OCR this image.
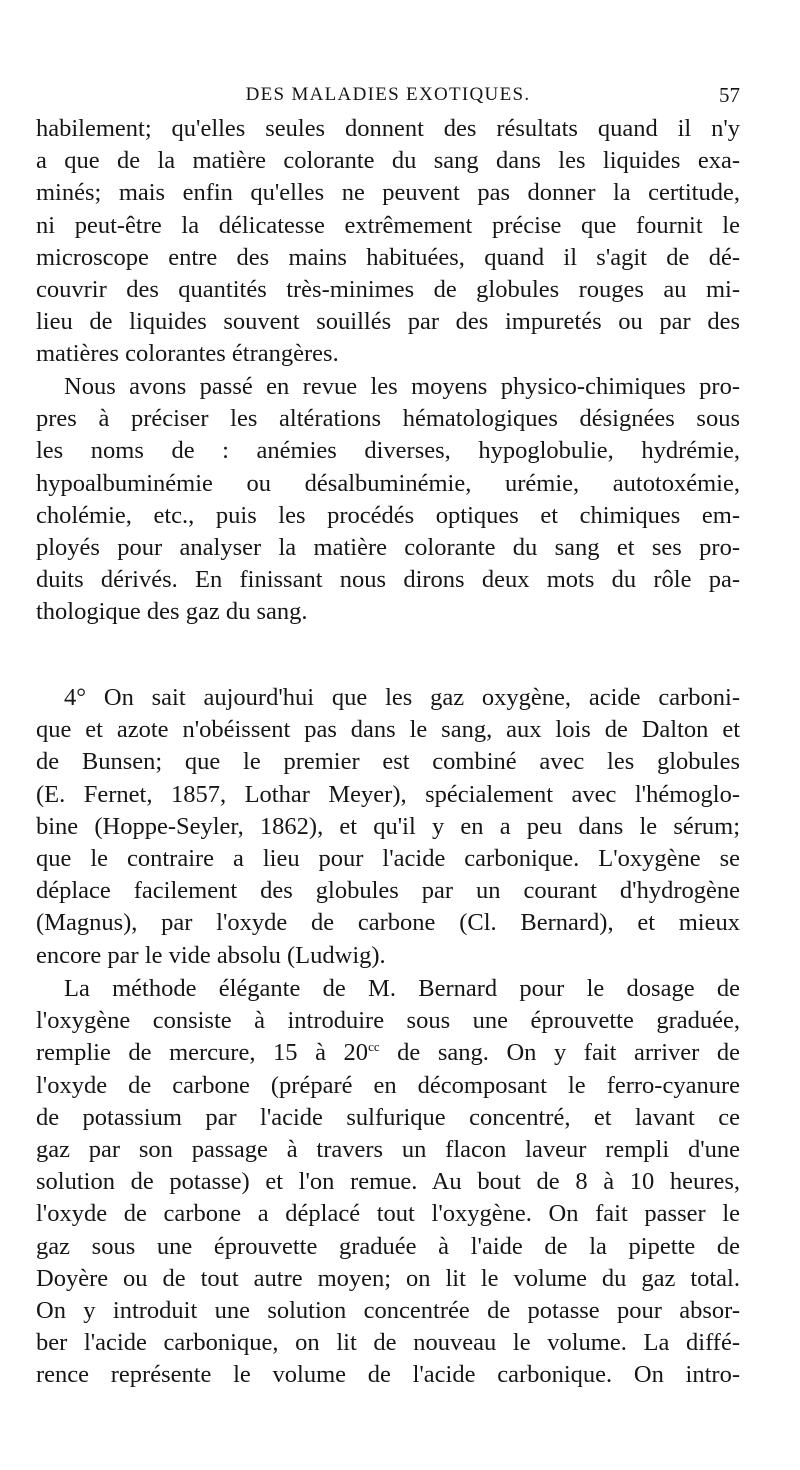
DES MALADIES EXOTIQUES.	57
habilement; qu'elles seules donnent des résultats quand il n'y
a que de la matière colorante du sang dans les liquides exa-
minés; mais enfin qu'elles ne peuvent pas donner la certitude,
ni peut-être la délicatesse extrêmement précise que fournit le
microscope entre des mains habituées, quand il s'agit de dé-
couvrir des quantités très-minimes de globules rouges au mi-
lieu de liquides souvent souillés par des impuretés ou par des
matières colorantes étrangères.
Nous avons passé en revue les moyens physico-chimiques pro-
pres à préciser les altérations hématologiques désignées sous
les noms de : anémies diverses, hypoglobulie, hydrémie,
hypoalbuminémie ou désalbuminémie, urémie, autotoxémie,
cholémie, etc., puis les procédés optiques et chimiques em-
ployés pour analyser la matière colorante du sang et ses pro-
duits dérivés. En finissant nous dirons deux mots du rôle pa-
thologique des gaz du sang.
4° On sait aujourd'hui que les gaz oxygène, acide carboni-
que et azote n'obéissent pas dans le sang, aux lois de Dalton et
de Bunsen; que le premier est combiné avec les globules
(E. Fernet, 1857, Lothar Meyer), spécialement avec l'hémoglo-
bine (Hoppe-Seyler, 1862), et qu'il y en a peu dans le sérum;
que le contraire a lieu pour l'acide carbonique. L'oxygène se
déplace facilement des globules par un courant d'hydrogène
(Magnus), par l'oxyde de carbone (Cl. Bernard), et mieux
encore par le vide absolu (Ludwig).
La méthode élégante de M. Bernard pour le dosage de
l'oxygène consiste à introduire sous une éprouvette graduée,
remplie de mercure, 15 à $20^{cc}$ de sang. On y fait arriver de
l'oxyde de carbone (préparé en décomposant le ferro-cyanure
de potassium par l'acide sulfurique concentré, et lavant ce
gaz par son passage à travers un flacon laveur rempli d'une
solution de potasse) et l'on remue. Au bout de 8 à 10 heures,
l'oxyde de carbone a déplacé tout l'oxygène. On fait passer le
gaz sous une éprouvette graduée à l'aide de la pipette de
Doyère ou de tout autre moyen; on lit le volume du gaz total.
On y introduit une solution concentrée de potasse pour absor-
ber l'acide carbonique, on lit de nouveau le volume. La diffé-
rence représente le volume de l'acide carbonique. On intro-
